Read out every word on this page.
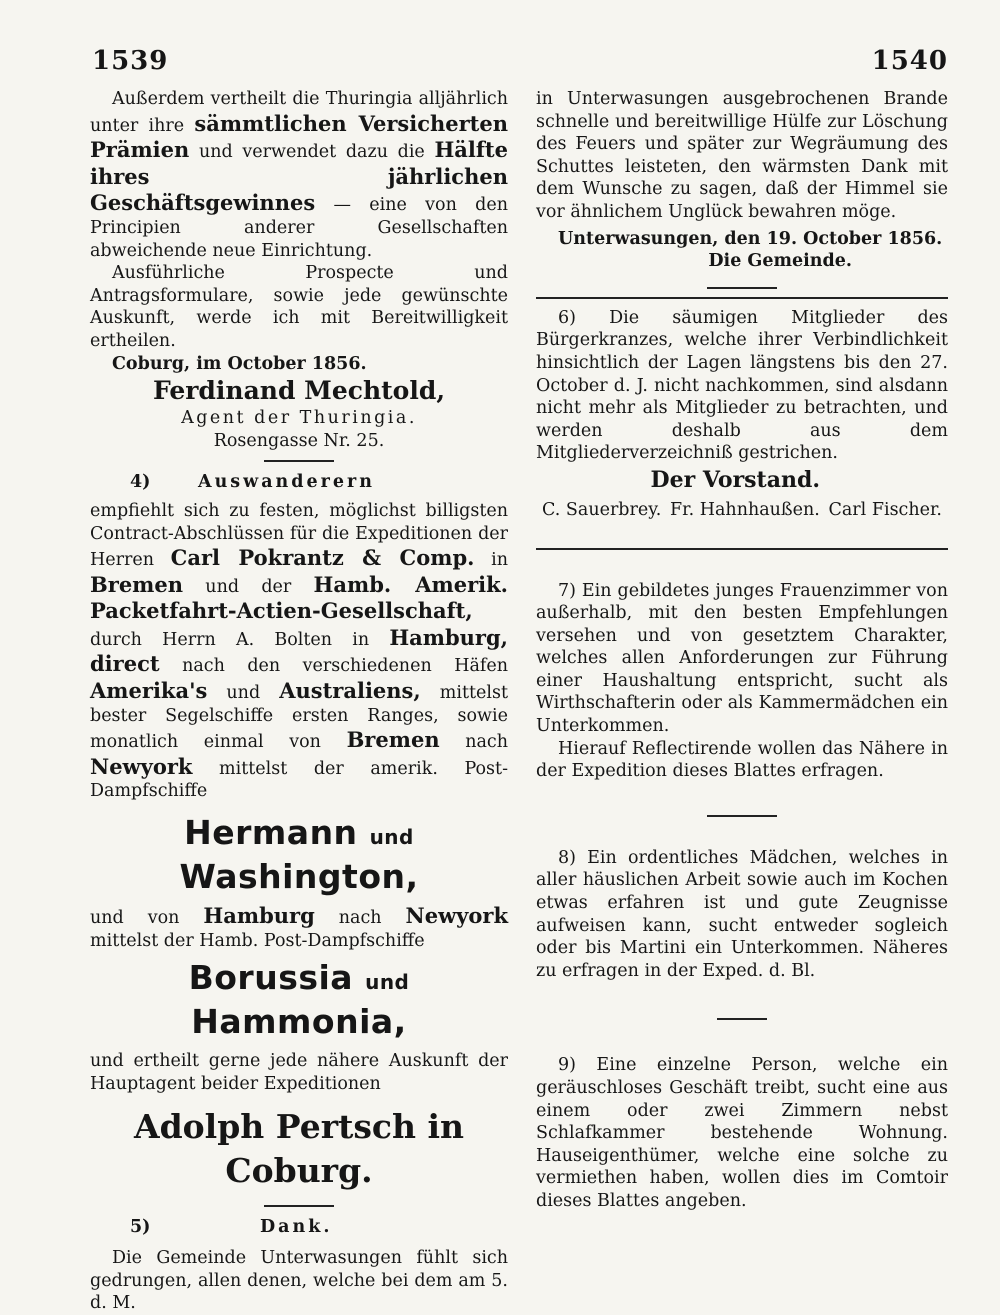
1539	1540

Außerdem vertheilt die Thuringia alljährlich unter ihre sämmtlichen Versicherten Prämien und verwendet dazu die Hälfte ihres jährlichen Geschäftsgewinnes — eine von den Principien anderer Gesellschaften abweichende neue Einrichtung.

Ausführliche Prospecte und Antragsformulare, sowie jede gewünschte Auskunft, werde ich mit Bereitwilligkeit ertheilen.

Coburg, im October 1856.

Ferdinand Mechtold,

Agent der Thuringia.

Rosengasse Nr. 25.

4)	Auswanderern

empfiehlt sich zu festen, möglichst billigsten Contract-Abschlüssen für die Expeditionen der Herren Carl Pokrantz & Comp. in Bremen und der Hamb. Amerik. Packetfahrt-Actien-Gesellschaft, durch Herrn A. Bolten in Hamburg, direct nach den verschiedenen Häfen Amerika's und Australiens, mittelst bester Segelschiffe ersten Ranges, sowie monatlich einmal von Bremen nach Newyork mittelst der amerik. Post-Dampfschiffe

Hermann und Washington,

und von Hamburg nach Newyork mittelst der Hamb. Post-Dampfschiffe

Borussia und Hammonia,

und ertheilt gerne jede nähere Auskunft der Hauptagent beider Expeditionen

Adolph Pertsch in Coburg.

5)	Dank.

Die Gemeinde Unterwasungen fühlt sich gedrungen, allen denen, welche bei dem am 5. d. M.

in Unterwasungen ausgebrochenen Brande schnelle und bereitwillige Hülfe zur Löschung des Feuers und später zur Wegräumung des Schuttes leisteten, den wärmsten Dank mit dem Wunsche zu sagen, daß der Himmel sie vor ähnlichem Unglück bewahren möge.

Unterwasungen, den 19. October 1856.

Die Gemeinde.

6) Die säumigen Mitglieder des Bürgerkranzes, welche ihrer Verbindlichkeit hinsichtlich der Lagen längstens bis den 27. October d. J. nicht nachkommen, sind alsdann nicht mehr als Mitglieder zu betrachten, und werden deshalb aus dem Mitgliederverzeichniß gestrichen.

Der Vorstand.

C. Sauerbrey. Fr. Hahnhaußen. Carl Fischer.

7) Ein gebildetes junges Frauenzimmer von außerhalb, mit den besten Empfehlungen versehen und von gesetztem Charakter, welches allen Anforderungen zur Führung einer Haushaltung entspricht, sucht als Wirthschafterin oder als Kammermädchen ein Unterkommen.

Hierauf Reflectirende wollen das Nähere in der Expedition dieses Blattes erfragen.

8) Ein ordentliches Mädchen, welches in aller häuslichen Arbeit sowie auch im Kochen etwas erfahren ist und gute Zeugnisse aufweisen kann, sucht entweder sogleich oder bis Martini ein Unterkommen. Näheres zu erfragen in der Exped. d. Bl.

9) Eine einzelne Person, welche ein geräuschloses Geschäft treibt, sucht eine aus einem oder zwei Zimmern nebst Schlafkammer bestehende Wohnung. Hauseigenthümer, welche eine solche zu vermiethen haben, wollen dies im Comtoir dieses Blattes angeben.
